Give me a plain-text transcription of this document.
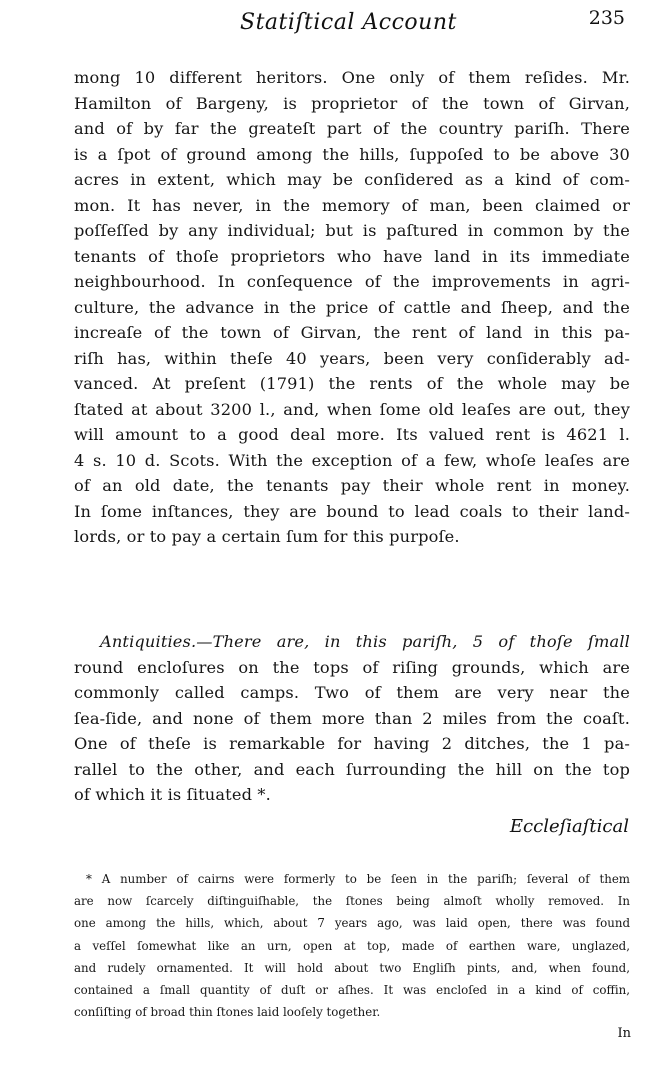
Statiſtical Account	235
mong 10 different heritors. One only of them reſides. Mr.
Hamilton of Bargeny, is proprietor of the town of Girvan,
and of by far the greateſt part of the country pariſh. There
is a ſpot of ground among the hills, ſuppoſed to be above 30
acres in extent, which may be conſidered as a kind of com-
mon. It has never, in the memory of man, been claimed or
poſſeſſed by any individual; but is paſtured in common by the
tenants of thoſe proprietors who have land in its immediate
neighbourhood. In conſequence of the improvements in agri-
culture, the advance in the price of cattle and ſheep, and the
increaſe of the town of Girvan, the rent of land in this pa-
riſh has, within theſe 40 years, been very conſiderably ad-
vanced. At preſent (1791) the rents of the whole may be
ſtated at about 3200 l., and, when ſome old leaſes are out, they
will amount to a good deal more. Its valued rent is 4621 l.
4 s. 10 d. Scots. With the exception of a few, whoſe leaſes are
of an old date, the tenants pay their whole rent in money.
In ſome inſtances, they are bound to lead coals to their land-
lords, or to pay a certain ſum for this purpoſe.
Antiquities.—There are, in this pariſh, 5 of thoſe ſmall
round encloſures on the tops of riſing grounds, which are
commonly called camps. Two of them are very near the
ſea-ſide, and none of them more than 2 miles from the coaſt.
One of theſe is remarkable for having 2 ditches, the 1 pa-
rallel to the other, and each ſurrounding the hill on the top
of which it is ſituated *.
Eccleſiaſtical
* A number of cairns were formerly to be ſeen in the pariſh; ſeveral of them
are now ſcarcely diſtinguiſhable, the ſtones being almoſt wholly removed. In
one among the hills, which, about 7 years ago, was laid open, there was found
a veſſel ſomewhat like an urn, open at top, made of earthen ware, unglazed,
and rudely ornamented. It will hold about two Engliſh pints, and, when found,
contained a ſmall quantity of duſt or aſhes. It was encloſed in a kind of coffin,
conſiſting of broad thin ſtones laid looſely together.
In
